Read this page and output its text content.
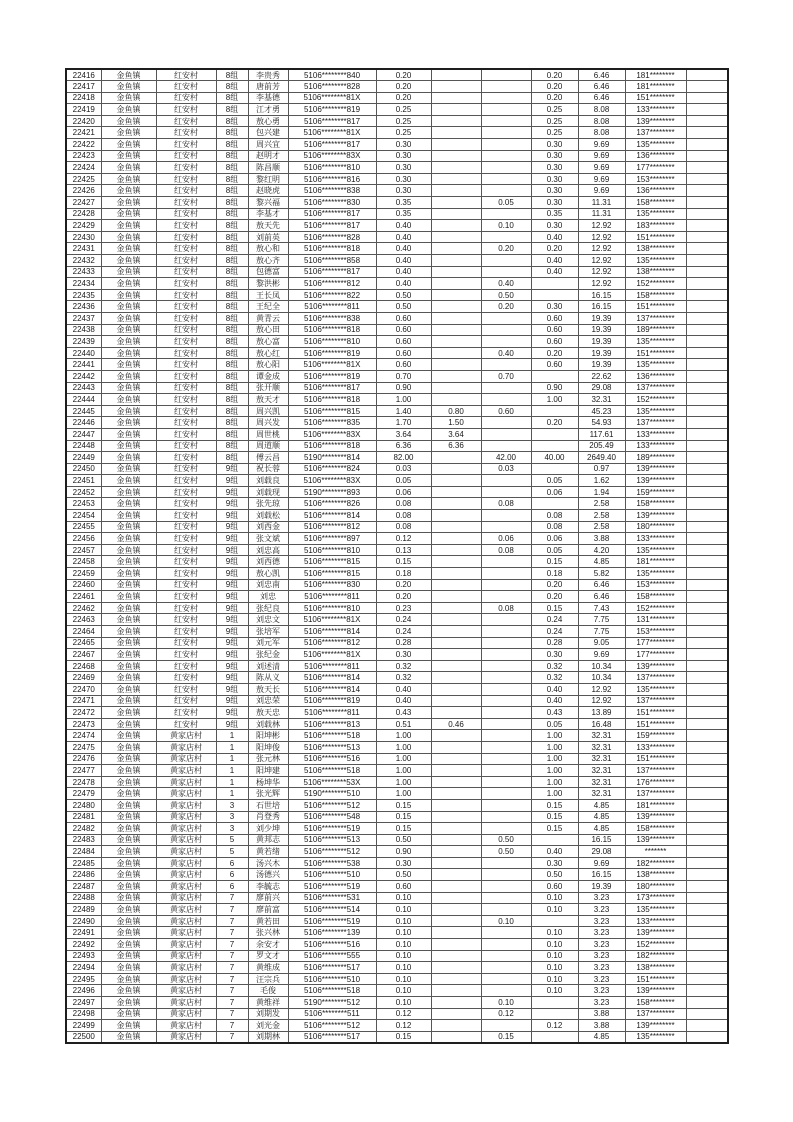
22416	金鱼镇	红安村	8组	李贵秀	5106********840	0.20			0.20	6.46	181********	
22417	金鱼镇	红安村	8组	唐前芳	5106********828	0.20			0.20	6.46	181********	
22418	金鱼镇	红安村	8组	李基德	5106********81X	0.20			0.20	6.46	151********	
22419	金鱼镇	红安村	8组	江才勇	5106********819	0.25			0.25	8.08	133********	
22420	金鱼镇	红安村	8组	敖心勇	5106********817	0.25			0.25	8.08	139********	
22421	金鱼镇	红安村	8组	包兴建	5106********81X	0.25			0.25	8.08	137********	
22422	金鱼镇	红安村	8组	周兴宜	5106********817	0.30			0.30	9.69	135********	
22423	金鱼镇	红安村	8组	赵明才	5106********83X	0.30			0.30	9.69	136********	
22424	金鱼镇	红安村	8组	陈昌顺	5106********810	0.30			0.30	9.69	177********	
22425	金鱼镇	红安村	8组	黎红明	5106********816	0.30			0.30	9.69	153********	
22426	金鱼镇	红安村	8组	赵晓虎	5106********838	0.30			0.30	9.69	136********	
22427	金鱼镇	红安村	8组	黎兴福	5106********830	0.35		0.05	0.30	11.31	158********	
22428	金鱼镇	红安村	8组	李基才	5106********817	0.35			0.35	11.31	135********	
22429	金鱼镇	红安村	8组	敖天先	5106********817	0.40		0.10	0.30	12.92	183********	
22430	金鱼镇	红安村	8组	刘前英	5106********828	0.40			0.40	12.92	151********	
22431	金鱼镇	红安村	8组	敖心和	5106********818	0.40		0.20	0.20	12.92	138********	
22432	金鱼镇	红安村	8组	敖心齐	5106********858	0.40			0.40	12.92	135********	
22433	金鱼镇	红安村	8组	包德富	5106********817	0.40			0.40	12.92	138********	
22434	金鱼镇	红安村	8组	黎洪彬	5106********812	0.40		0.40		12.92	152********	
22435	金鱼镇	红安村	8组	王长凤	5106********822	0.50		0.50		16.15	158********	
22436	金鱼镇	红安村	8组	王纪全	5106********811	0.50		0.20	0.30	16.15	151********	
22437	金鱼镇	红安村	8组	黄青云	5106********838	0.60			0.60	19.39	137********	
22438	金鱼镇	红安村	8组	敖心田	5106********818	0.60			0.60	19.39	189********	
22439	金鱼镇	红安村	8组	敖心富	5106********810	0.60			0.60	19.39	135********	
22440	金鱼镇	红安村	8组	敖心红	5106********819	0.60		0.40	0.20	19.39	151********	
22441	金鱼镇	红安村	8组	敖心阳	5106********81X	0.60			0.60	19.39	135********	
22442	金鱼镇	红安村	8组	谭金成	5106********819	0.70		0.70		22.62	136********	
22443	金鱼镇	红安村	8组	张开顺	5106********817	0.90			0.90	29.08	137********	
22444	金鱼镇	红安村	8组	敖天才	5106********818	1.00			1.00	32.31	152********	
22445	金鱼镇	红安村	8组	周兴凯	5106********815	1.40	0.80	0.60		45.23	135********	
22446	金鱼镇	红安村	8组	周兴发	5106********835	1.70	1.50		0.20	54.93	137********	
22447	金鱼镇	红安村	8组	周世桃	5106********83X	3.64	3.64			117.61	133********	
22448	金鱼镇	红安村	8组	周道顺	5106********818	6.36	6.36			205.49	133********	
22449	金鱼镇	红安村	8组	傅云昌	5190********814	82.00		42.00	40.00	2649.40	189********	
22450	金鱼镇	红安村	9组	祝长蓉	5106********824	0.03		0.03		0.97	139********	
22451	金鱼镇	红安村	9组	刘载良	5106********83X	0.05			0.05	1.62	139********	
22452	金鱼镇	红安村	9组	刘载现	5190********893	0.06			0.06	1.94	159********	
22453	金鱼镇	红安村	9组	张先琼	5106********826	0.08		0.08		2.58	158********	
22454	金鱼镇	红安村	9组	刘载松	5106********814	0.08			0.08	2.58	139********	
22455	金鱼镇	红安村	9组	刘西金	5106********812	0.08			0.08	2.58	180********	
22456	金鱼镇	红安村	9组	张文斌	5106********897	0.12		0.06	0.06	3.88	133********	
22457	金鱼镇	红安村	9组	刘忠高	5106********810	0.13		0.08	0.05	4.20	135********	
22458	金鱼镇	红安村	9组	刘西德	5106********815	0.15			0.15	4.85	181********	
22459	金鱼镇	红安村	9组	敖心凯	5106********815	0.18			0.18	5.82	135********	
22460	金鱼镇	红安村	9组	刘忠南	5106********830	0.20			0.20	6.46	153********	
22461	金鱼镇	红安村	9组	刘忠	5106********811	0.20			0.20	6.46	158********	
22462	金鱼镇	红安村	9组	张纪良	5106********810	0.23		0.08	0.15	7.43	152********	
22463	金鱼镇	红安村	9组	刘忠文	5106********81X	0.24			0.24	7.75	131********	
22464	金鱼镇	红安村	9组	张培军	5106********814	0.24			0.24	7.75	153********	
22465	金鱼镇	红安村	9组	刘元军	5106********812	0.28			0.28	9.05	177********	
22467	金鱼镇	红安村	9组	张纪金	5106********81X	0.30			0.30	9.69	177********	
22468	金鱼镇	红安村	9组	刘述清	5106********811	0.32			0.32	10.34	139********	
22469	金鱼镇	红安村	9组	陈从义	5106********814	0.32			0.32	10.34	137********	
22470	金鱼镇	红安村	9组	敖天长	5106********814	0.40			0.40	12.92	135********	
22471	金鱼镇	红安村	9组	刘忠荣	5106********819	0.40			0.40	12.92	137********	
22472	金鱼镇	红安村	9组	敖天忠	5106********811	0.43			0.43	13.89	151********	
22473	金鱼镇	红安村	9组	刘载林	5106********813	0.51	0.46		0.05	16.48	151********	
22474	金鱼镇	黄家店村	1	阳坤彬	5106********518	1.00			1.00	32.31	159********	
22475	金鱼镇	黄家店村	1	阳坤俊	5106********513	1.00			1.00	32.31	133********	
22476	金鱼镇	黄家店村	1	张元林	5106********516	1.00			1.00	32.31	151********	
22477	金鱼镇	黄家店村	1	阳坤建	5106********518	1.00			1.00	32.31	137********	
22478	金鱼镇	黄家店村	1	杨坤华	5106********53X	1.00			1.00	32.31	176********	
22479	金鱼镇	黄家店村	1	张光辉	5190********510	1.00			1.00	32.31	137********	
22480	金鱼镇	黄家店村	3	石世培	5106********512	0.15			0.15	4.85	181********	
22481	金鱼镇	黄家店村	3	肖登秀	5106********548	0.15			0.15	4.85	139********	
22482	金鱼镇	黄家店村	3	刘少坤	5106********519	0.15			0.15	4.85	158********	
22483	金鱼镇	黄家店村	5	黄邦志	5106********513	0.50		0.50		16.15	139********	
22484	金鱼镇	黄家店村	5	黄若绪	5106********512	0.90		0.50	0.40	29.08	*******	
22485	金鱼镇	黄家店村	6	汤兴木	5106********538	0.30			0.30	9.69	182********	
22486	金鱼镇	黄家店村	6	汤德兴	5106********510	0.50			0.50	16.15	138********	
22487	金鱼镇	黄家店村	6	李毓志	5106********519	0.60			0.60	19.39	180********	
22488	金鱼镇	黄家店村	7	廖前兴	5106********531	0.10			0.10	3.23	173********	
22489	金鱼镇	黄家店村	7	廖前富	5106********514	0.10			0.10	3.23	135********	
22490	金鱼镇	黄家店村	7	黄若田	5106********519	0.10		0.10		3.23	133********	
22491	金鱼镇	黄家店村	7	张兴林	5106********139	0.10			0.10	3.23	139********	
22492	金鱼镇	黄家店村	7	余安才	5106********516	0.10			0.10	3.23	152********	
22493	金鱼镇	黄家店村	7	罗文才	5106********555	0.10			0.10	3.23	182********	
22494	金鱼镇	黄家店村	7	黄维成	5106********517	0.10			0.10	3.23	138********	
22495	金鱼镇	黄家店村	7	汪宗兵	5106********510	0.10			0.10	3.23	151********	
22496	金鱼镇	黄家店村	7	毛俊	5106********518	0.10			0.10	3.23	139********	
22497	金鱼镇	黄家店村	7	黄维祥	5190********512	0.10		0.10		3.23	158********	
22498	金鱼镇	黄家店村	7	刘期发	5106********511	0.12		0.12		3.88	137********	
22499	金鱼镇	黄家店村	7	刘光金	5106********512	0.12			0.12	3.88	139********	
22500	金鱼镇	黄家店村	7	刘期林	5106********517	0.15		0.15		4.85	135********	
